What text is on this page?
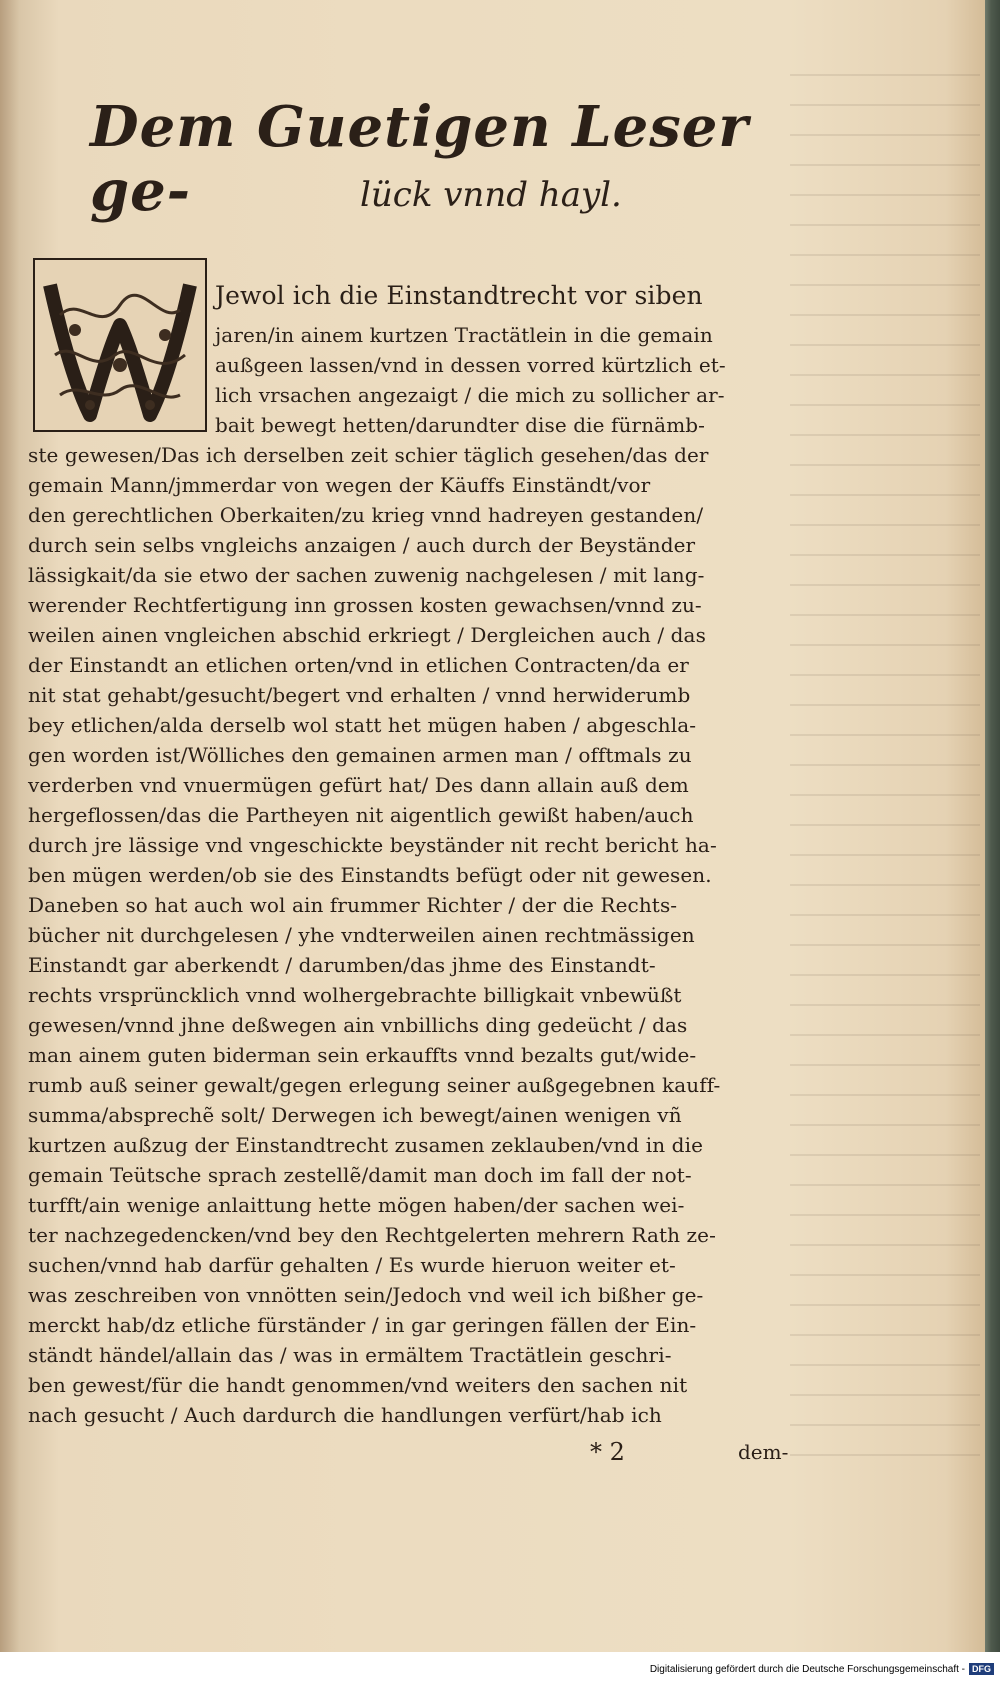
Dem Guetigen Leser ge-	lück vnnd hayl.

Jewol ich die Einstandtrecht vor siben

jaren/in ainem kurtzen Tractätlein in die gemain

außgeen lassen/vnd in dessen vorred kürtzlich et-

lich vrsachen angezaigt / die mich zu sollicher ar-

bait bewegt hetten/darundter dise die fürnämb-

ste gewesen/Das ich derselben zeit schier täglich gesehen/das der

gemain Mann/jmmerdar von wegen der Käuffs Einständt/vor

den gerechtlichen Oberkaiten/zu krieg vnnd hadreyen gestanden/

durch sein selbs vngleichs anzaigen / auch durch der Beyständer

lässigkait/da sie etwo der sachen zuwenig nachgelesen / mit lang-

werender Rechtfertigung inn grossen kosten gewachsen/vnnd zu-

weilen ainen vngleichen abschid erkriegt / Dergleichen auch / das

der Einstandt an etlichen orten/vnd in etlichen Contracten/da er

nit stat gehabt/gesucht/begert vnd erhalten / vnnd herwiderumb

bey etlichen/alda derselb wol statt het mügen haben / abgeschla-

gen worden ist/Wölliches den gemainen armen man / offtmals zu

verderben vnd vnuermügen gefürt hat/ Des dann allain auß dem

hergeflossen/das die Partheyen nit aigentlich gewißt haben/auch

durch jre lässige vnd vngeschickte beyständer nit recht bericht ha-

ben mügen werden/ob sie des Einstandts befügt oder nit gewesen.

Daneben so hat auch wol ain frummer Richter / der die Rechts-

bücher nit durchgelesen / yhe vndterweilen ainen rechtmässigen

Einstandt gar aberkendt / darumben/das jhme des Einstandt-

rechts vrsprüncklich vnnd wolhergebrachte billigkait vnbewüßt

gewesen/vnnd jhne deßwegen ain vnbillichs ding gedeücht / das

man ainem guten biderman sein erkauffts vnnd bezalts gut/wide-

rumb auß seiner gewalt/gegen erlegung seiner außgegebnen kauff-

summa/absprechẽ solt/ Derwegen ich bewegt/ainen wenigen vñ

kurtzen außzug der Einstandtrecht zusamen zeklauben/vnd in die

gemain Teütsche sprach zestellẽ/damit man doch im fall der not-

turfft/ain wenige anlaittung hette mögen haben/der sachen wei-

ter nachzegedencken/vnd bey den Rechtgelerten mehrern Rath ze-

suchen/vnnd hab darfür gehalten / Es wurde hieruon weiter et-

was zeschreiben von vnnötten sein/Jedoch vnd weil ich bißher ge-

merckt hab/dz etliche fürständer / in gar geringen fällen der Ein-

ständt händel/allain das / was in ermältem Tractätlein geschri-

ben gewest/für die handt genommen/vnd weiters den sachen nit

nach gesucht / Auch dardurch die handlungen verfürt/hab ich

* 2	dem-
Digitalisierung gefördert durch die Deutsche Forschungsgemeinschaft - DFG
